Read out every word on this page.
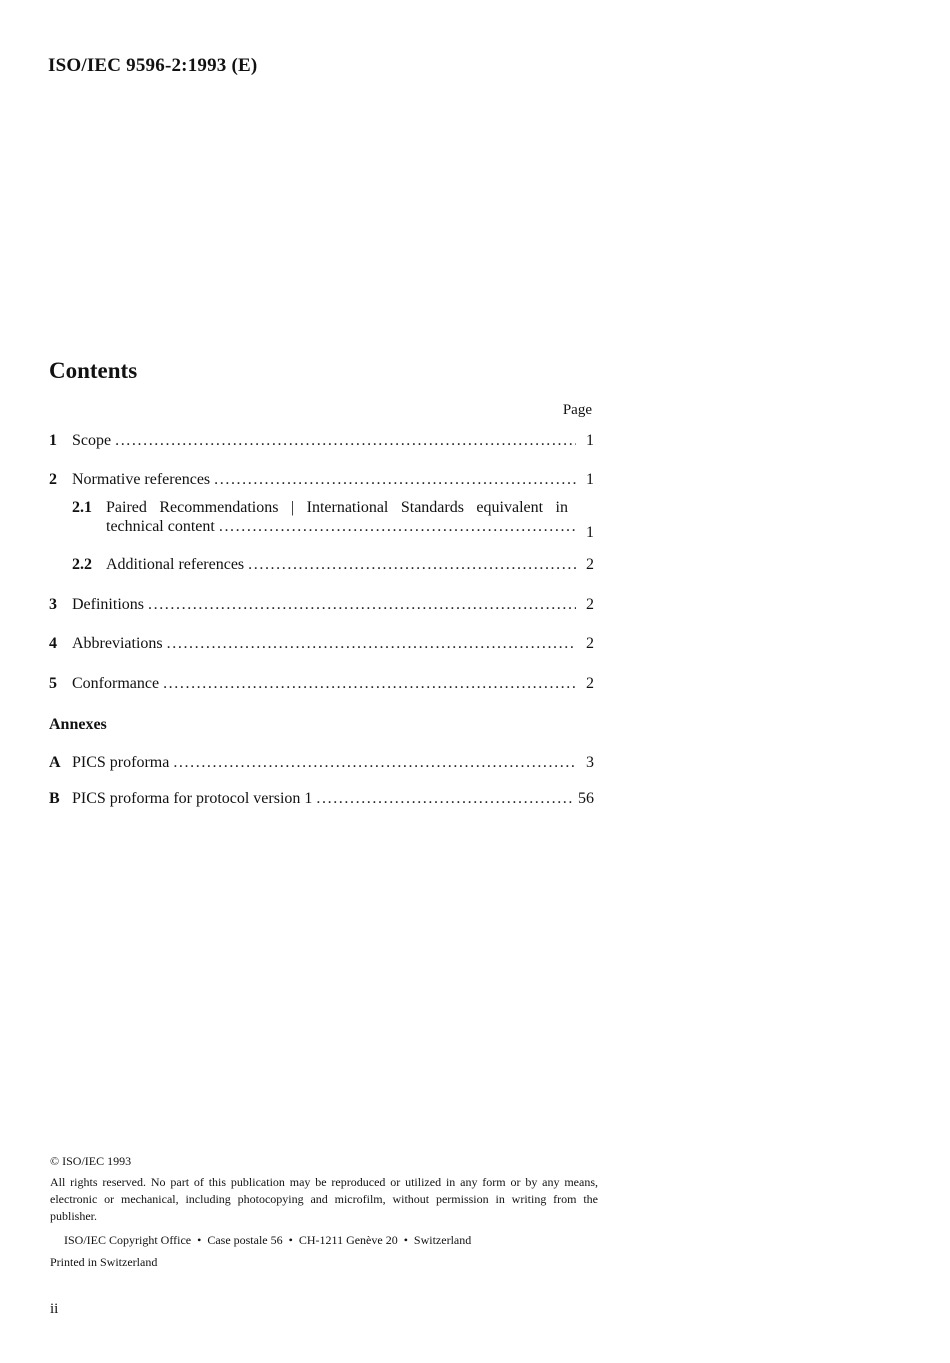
ISO/IEC 9596-2:1993 (E)
Contents
Page
1 Scope .....	1
2 Normative references .....	1
2.1 Paired Recommendations | International Standards equivalent in
technical content .....	1
2.2 Additional references .....	2
3 Definitions .....	2
4 Abbreviations .....	2
5 Conformance .....	2
Annexes
A PICS proforma .....	3
B PICS proforma for protocol version 1 .....	56
© ISO/IEC 1993
All rights reserved. No part of this publication may be reproduced or utilized in any form or by any means, electronic or mechanical, including photocopying and microfilm, without permission in writing from the publisher.
ISO/IEC Copyright Office • Case postale 56 • CH-1211 Genève 20 • Switzerland
Printed in Switzerland
ii
